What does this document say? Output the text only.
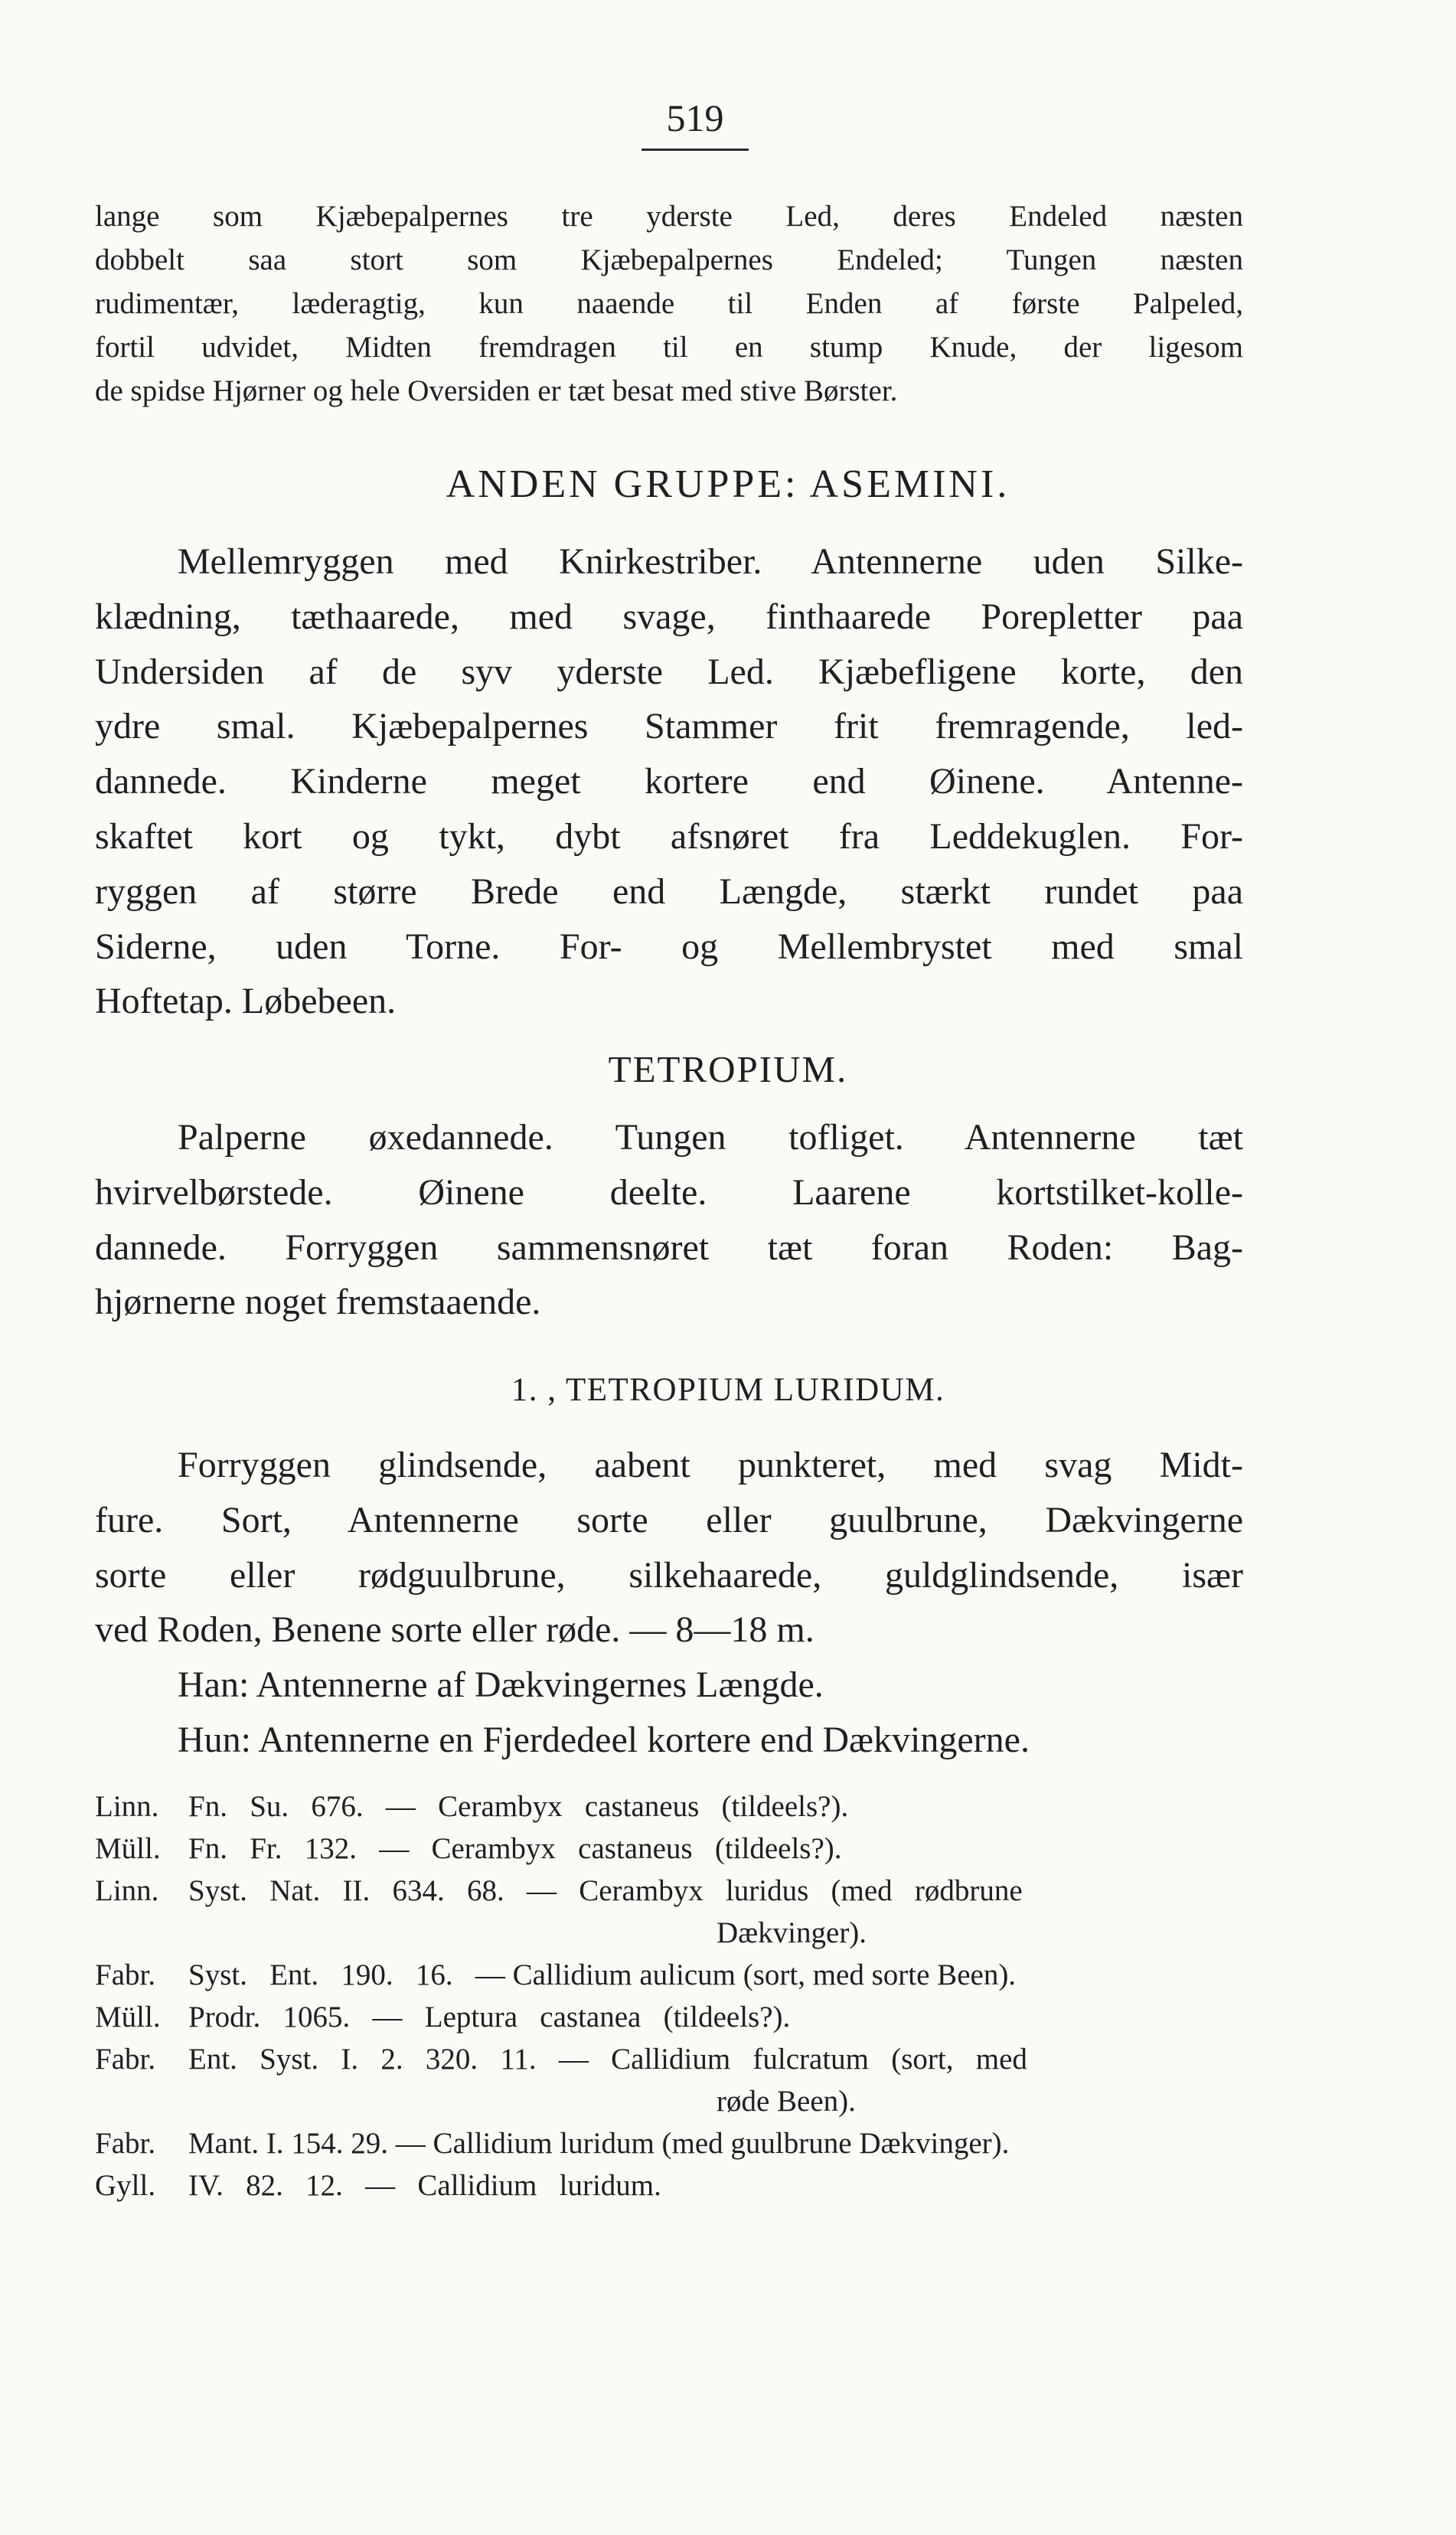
519
lange som Kjæbepalpernes tre yderste Led, deres Endeled næsten
dobbelt saa stort som Kjæbepalpernes Endeled; Tungen næsten
rudimentær, læderagtig, kun naaende til Enden af første Palpeled,
fortil udvidet, Midten fremdragen til en stump Knude, der ligesom
de spidse Hjørner og hele Oversiden er tæt besat med stive Børster.
ANDEN GRUPPE: ASEMINI.
Mellemryggen med Knirkestriber. Antennerne uden Silke-
klædning, tæthaarede, med svage, finthaarede Porepletter paa
Undersiden af de syv yderste Led. Kjæbefligene korte, den
ydre smal. Kjæbepalpernes Stammer frit fremragende, led-
dannede. Kinderne meget kortere end Øinene. Antenne-
skaftet kort og tykt, dybt afsnøret fra Leddekuglen. For-
ryggen af større Brede end Længde, stærkt rundet paa
Siderne, uden Torne. For- og Mellembrystet med smal
Hoftetap. Løbebeen.
TETROPIUM.
Palperne øxedannede. Tungen tofliget. Antennerne tæt
hvirvelbørstede. Øinene deelte. Laarene kortstilket-kolle-
dannede. Forryggen sammensnøret tæt foran Roden: Bag-
hjørnerne noget fremstaaende.
1. , TETROPIUM LURIDUM.
Forryggen glindsende, aabent punkteret, med svag Midt-
fure. Sort, Antennerne sorte eller guulbrune, Dækvingerne
sorte eller rødguulbrune, silkehaarede, guldglindsende, især
ved Roden, Benene sorte eller røde. — 8—18 m.
Han: Antennerne af Dækvingernes Længde.
Hun: Antennerne en Fjerdedeel kortere end Dækvingerne.
Linn. Fn.   Su.   676.   —   Cerambyx   castaneus   (tildeels?).
Müll. Fn.   Fr.   132.   —   Cerambyx   castaneus   (tildeels?).
Linn. Syst.   Nat.   II.   634.   68.   —   Cerambyx   luridus   (med   rødbrune
Dækvinger).
Fabr.	Syst.   Ent.   190.   16.   — Callidium aulicum (sort, med sorte Been).
Müll. Prodr.   1065.   —   Leptura   castanea   (tildeels?).
Fabr.	Ent.   Syst.   I.   2.   320.   11.   —   Callidium   fulcratum   (sort,   med
røde Been).
Fabr.	Mant. I. 154. 29. — Callidium luridum (med guulbrune Dækvinger).
Gyll.	IV.   82.   12.   —   Callidium   luridum.
